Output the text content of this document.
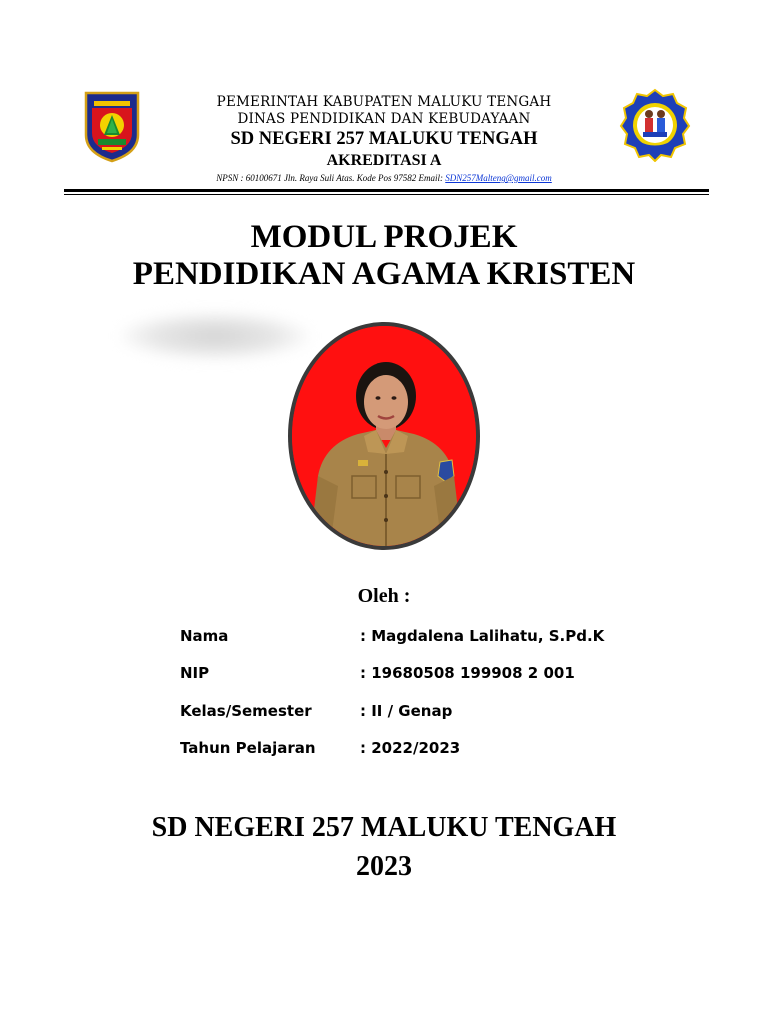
PEMERINTAH KABUPATEN MALUKU TENGAH
DINAS PENDIDIKAN DAN KEBUDAYAAN
SD NEGERI 257 MALUKU TENGAH
AKREDITASI A
NPSN : 60100671 Jln. Raya Suli Atas. Kode Pos 97582 Email: SDN257Malteng@gmail.com
MODUL PROJEK
PENDIDIKAN AGAMA KRISTEN
Oleh :
Nama	: Magdalena Lalihatu, S.Pd.K
NIP	: 19680508 199908 2 001
Kelas/Semester	: II / Genap
Tahun Pelajaran	: 2022/2023
SD NEGERI 257 MALUKU TENGAH
2023
